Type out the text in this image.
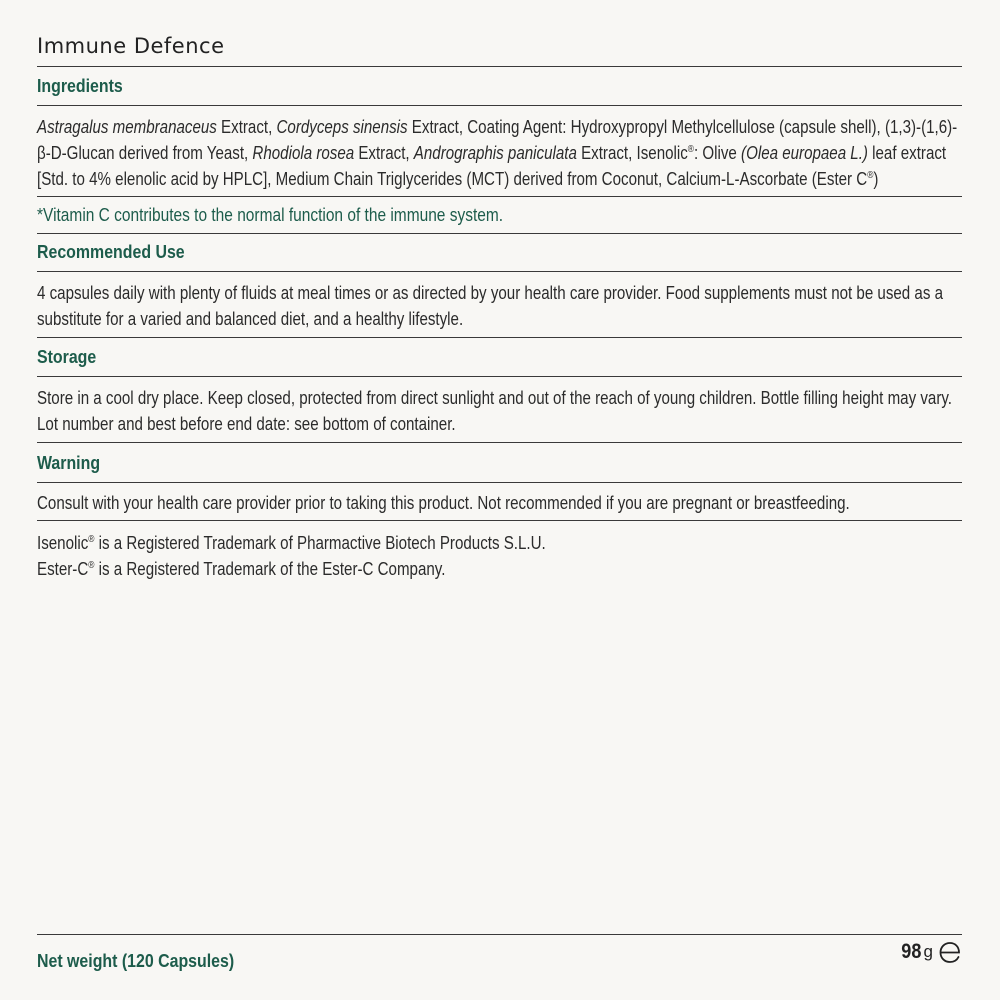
Immune Defence
Ingredients
Astragalus membranaceus Extract, Cordyceps sinensis Extract, Coating Agent: Hydroxypropyl Methylcellulose (capsule shell), (1,3)-(1,6)-β-D-Glucan derived from Yeast, Rhodiola rosea Extract, Andrographis paniculata Extract, Isenolic®: Olive (Olea europaea L.) leaf extract [Std. to 4% elenolic acid by HPLC], Medium Chain Triglycerides (MCT) derived from Coconut, Calcium-L-Ascorbate (Ester C®)
*Vitamin C contributes to the normal function of the immune system.
Recommended Use
4 capsules daily with plenty of fluids at meal times or as directed by your health care provider. Food supplements must not be used as a substitute for a varied and balanced diet, and a healthy lifestyle.
Storage
Store in a cool dry place. Keep closed, protected from direct sunlight and out of the reach of young children. Bottle filling height may vary. Lot number and best before end date: see bottom of container.
Warning
Consult with your health care provider prior to taking this product. Not recommended if you are pregnant or breastfeeding.
Isenolic® is a Registered Trademark of Pharmactive Biotech Products S.L.U.
Ester-C® is a Registered Trademark of the Ester-C Company.
Net weight (120 Capsules)	98 g
